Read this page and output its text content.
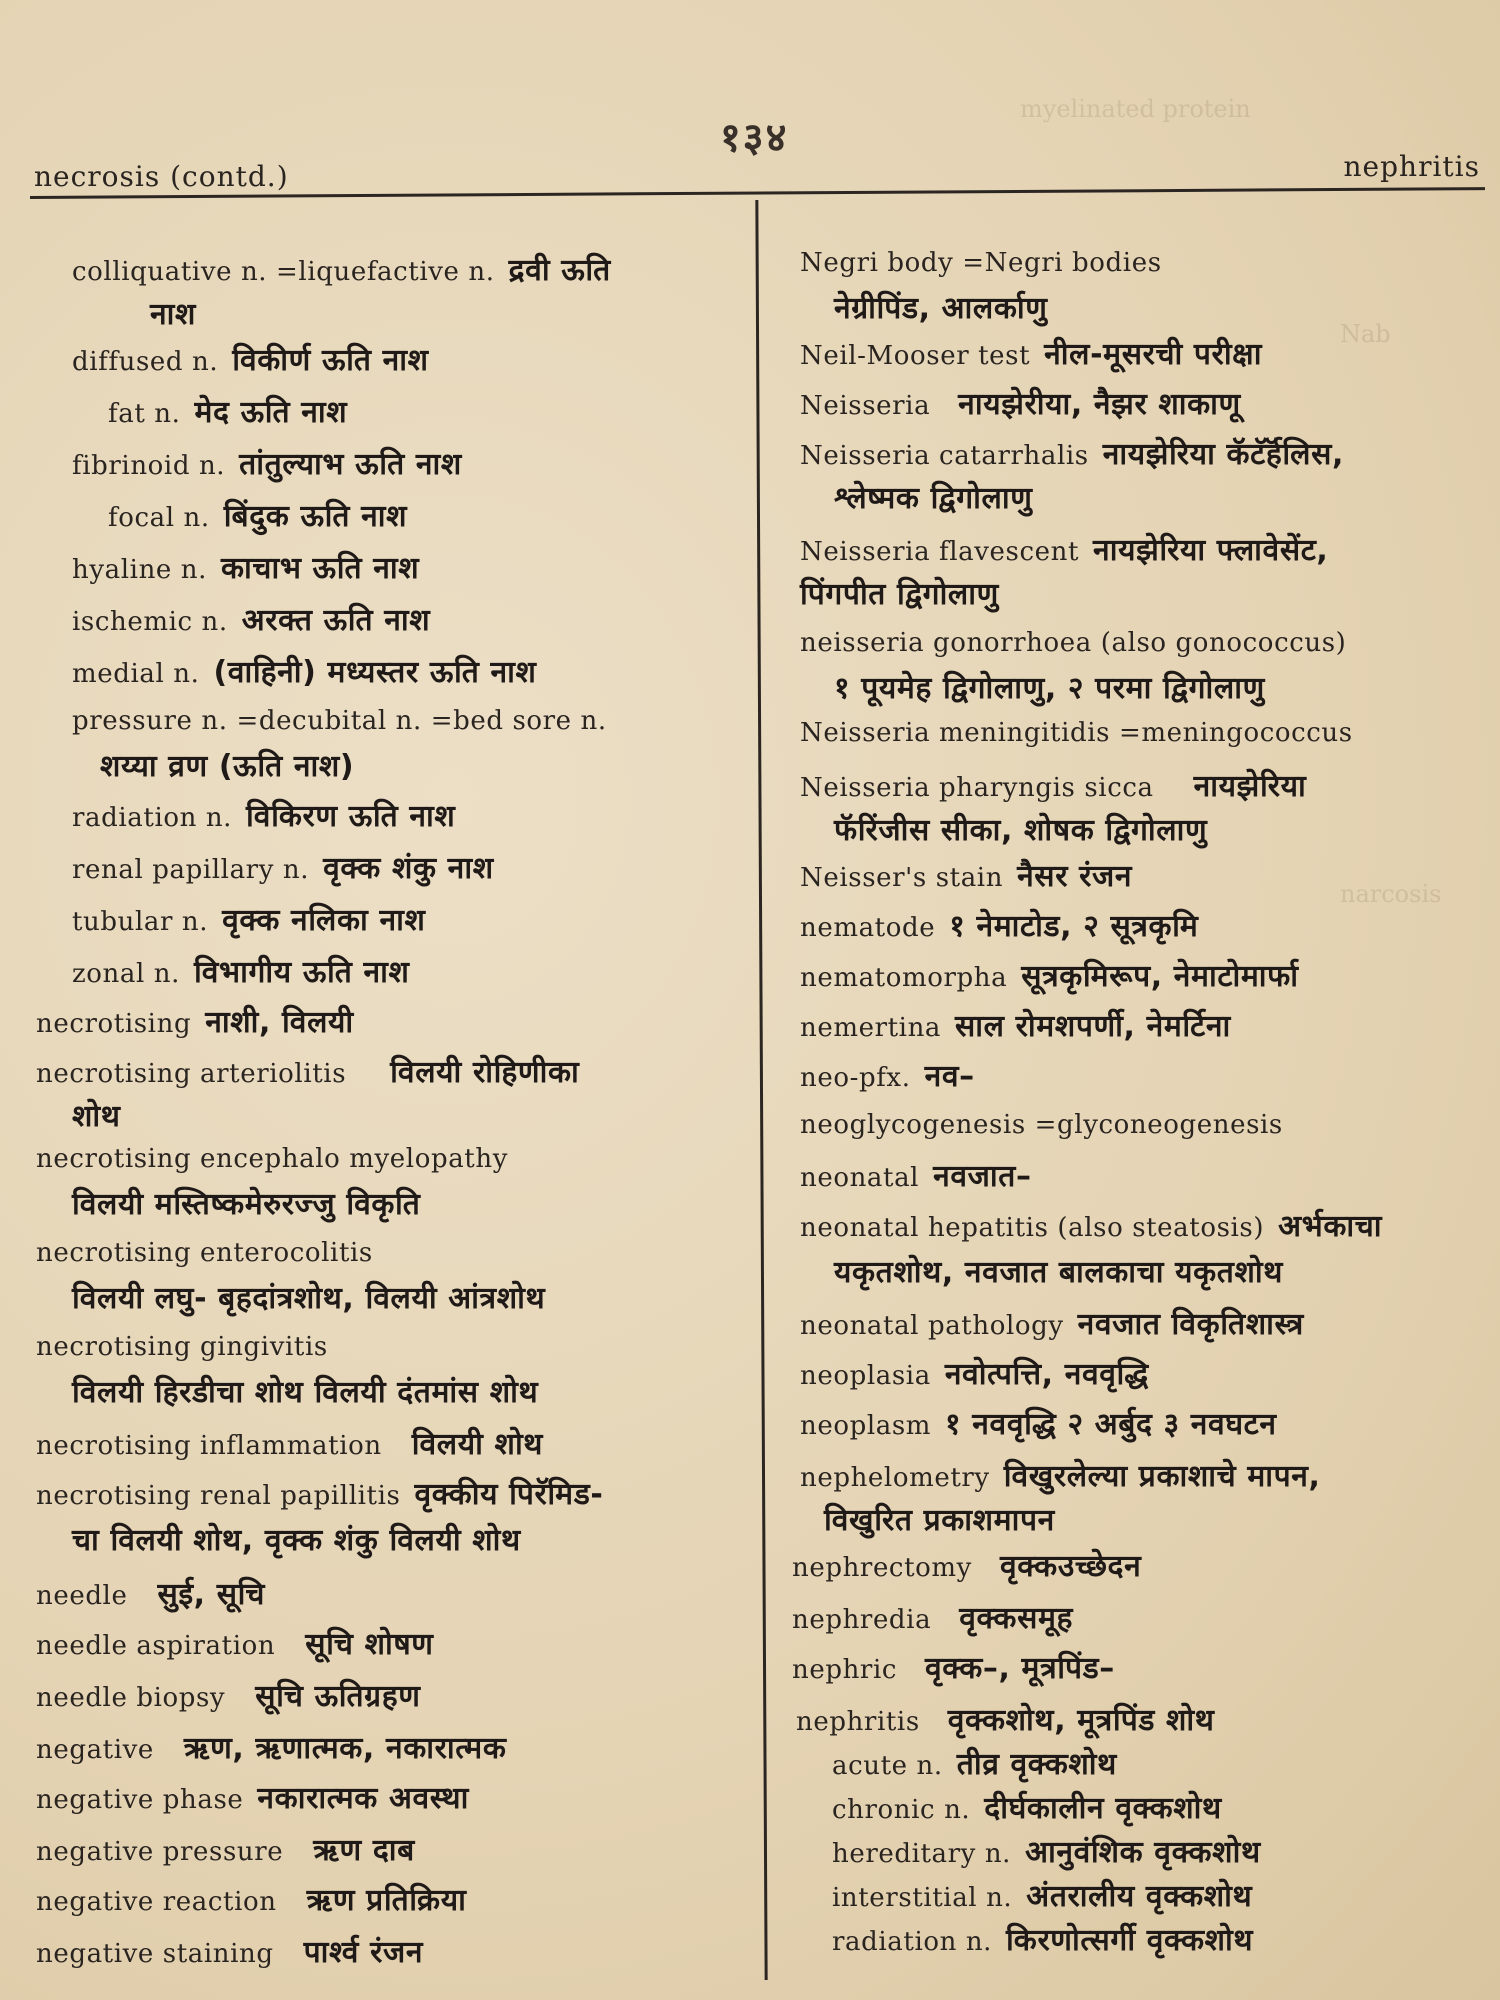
myelinated protein
Nab
narcosis
१३४
necrosis (contd.)	nephritis
colliquative n. =liquefactive n. द्रवी ऊति
नाश
diffused n. विकीर्ण ऊति नाश
fat n. मेद ऊति नाश
fibrinoid n. तांतुल्याभ ऊति नाश
focal n. बिंदुक ऊति नाश
hyaline n. काचाभ ऊति नाश
ischemic n. अरक्त ऊति नाश
medial n. (वाहिनी) मध्यस्तर ऊति नाश
pressure n. =decubital n. =bed sore n.
शय्या व्रण (ऊति नाश)
radiation n. विकिरण ऊति नाश
renal papillary n. वृक्क शंकु नाश
tubular n. वृक्क नलिका नाश
zonal n. विभागीय ऊति नाश
necrotising नाशी, विलयी
necrotising arteriolitis विलयी रोहिणीका
शोथ
necrotising encephalo myelopathy
विलयी मस्तिष्कमेरुरज्जु विकृति
necrotising enterocolitis
विलयी लघु- बृहदांत्रशोथ, विलयी आंत्रशोथ
necrotising gingivitis
विलयी हिरडीचा शोथ विलयी दंतमांस शोथ
necrotising inflammation विलयी शोथ
necrotising renal papillitis वृक्कीय पिरॅमिड-
चा विलयी शोथ, वृक्क शंकु विलयी शोथ
needle सुई, सूचि
needle aspiration सूचि शोषण
needle biopsy सूचि ऊतिग्रहण
negative ऋण, ऋणात्मक, नकारात्मक
negative phase नकारात्मक अवस्था
negative pressure ऋण दाब
negative reaction ऋण प्रतिक्रिया
negative staining पार्श्व रंजन
Negri body =Negri bodies
नेग्रीपिंड, आलर्काणु
Neil-Mooser test नील-मूसरची परीक्षा
Neisseria नायझेरीया, नैझर शाकाणू
Neisseria catarrhalis नायझेरिया कॅटॅर्हॅलिस,
श्लेष्मक द्विगोलाणु
Neisseria flavescent नायझेरिया फ्लावेसेंट,
पिंगपीत द्विगोलाणु
neisseria gonorrhoea (also gonococcus)
१ पूयमेह द्विगोलाणु, २ परमा द्विगोलाणु
Neisseria meningitidis =meningococcus
Neisseria pharyngis sicca नायझेरिया
फॅरिंजीस सीका, शोषक द्विगोलाणु
Neisser's stain नैसर रंजन
nematode १ नेमाटोड, २ सूत्रकृमि
nematomorpha सूत्रकृमिरूप, नेमाटोमार्फा
nemertina साल रोमशपर्णी, नेमर्टिना
neo-pfx. नव–
neoglycogenesis =glyconeogenesis
neonatal नवजात–
neonatal hepatitis (also steatosis) अर्भकाचा
यकृतशोथ, नवजात बालकाचा यकृतशोथ
neonatal pathology नवजात विकृतिशास्त्र
neoplasia नवोत्पत्ति, नववृद्धि
neoplasm १ नववृद्धि २ अर्बुद ३ नवघटन
nephelometry विखुरलेल्या प्रकाशाचे मापन,
विखुरित प्रकाशमापन
nephrectomy वृक्कउच्छेदन
nephredia वृक्कसमूह
nephric वृक्क–, मूत्रपिंड–
nephritis वृक्कशोथ, मूत्रपिंड शोथ
acute n. तीव्र वृक्कशोथ
chronic n. दीर्घकालीन वृक्कशोथ
hereditary n. आनुवंशिक वृक्कशोथ
interstitial n. अंतरालीय वृक्कशोथ
radiation n. किरणोत्सर्गी वृक्कशोथ
